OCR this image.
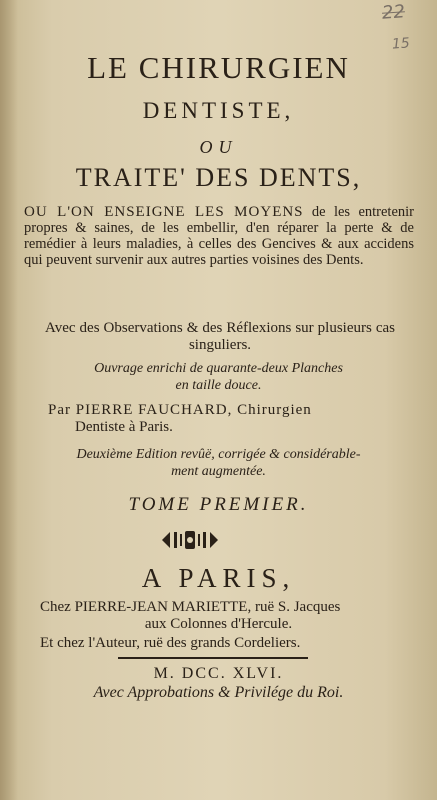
22
15
LE CHIRURGIEN
DENTISTE,
OU
TRAITE' DES DENTS,
OU L'ON ENSEIGNE LES MOYENS de les entretenir propres & saines, de les embellir, d'en réparer la perte & de remédier à leurs maladies, à celles des Gencives & aux accidens qui peuvent survenir aux autres parties voisines des Dents.
Avec des Observations & des Réflexions sur plusieurs cas singuliers.
Ouvrage enrichi de quarante-deux Planches
en taille douce.
Par PIERRE FAUCHARD, Chirurgien
Dentiste à Paris.
Deuxième Edition revûë, corrigée & considérable-
ment augmentée.
TOME PREMIER.
A PARIS,
Chez PIERRE-JEAN MARIETTE, ruë S. Jacques
aux Colonnes d'Hercule.
Et chez l'Auteur, ruë des grands Cordeliers.
M. DCC. XLVI.
Avec Approbations & Privilége du Roi.
